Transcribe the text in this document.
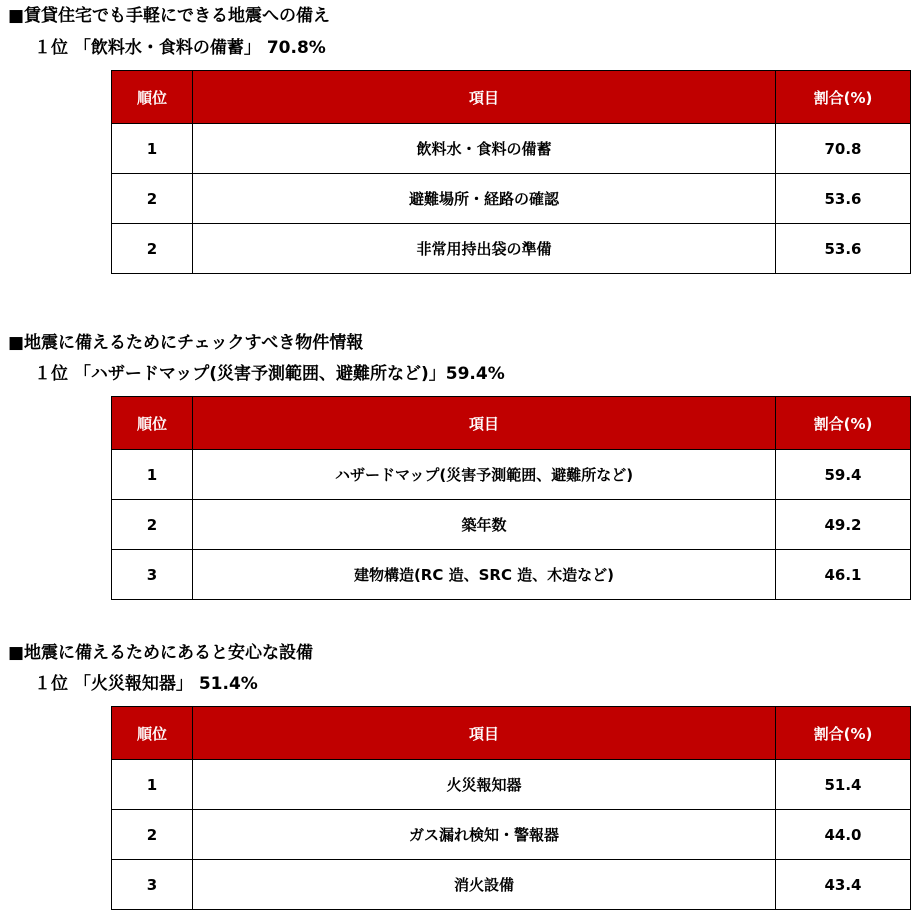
■賃貸住宅でも手軽にできる地震への備え
１位 「飲料水・食料の備蓄」 70.8%
順位	項目	割合(%)
1	飲料水・食料の備蓄	70.8
2	避難場所・経路の確認	53.6
2	非常用持出袋の準備	53.6
■地震に備えるためにチェックすべき物件情報
１位 「ハザードマップ(災害予測範囲、避難所など)」59.4%
順位	項目	割合(%)
1	ハザードマップ(災害予測範囲、避難所など)	59.4
2	築年数	49.2
3	建物構造(RC 造、SRC 造、木造など)	46.1
■地震に備えるためにあると安心な設備
１位 「火災報知器」 51.4%
順位	項目	割合(%)
1	火災報知器	51.4
2	ガス漏れ検知・警報器	44.0
3	消火設備	43.4
